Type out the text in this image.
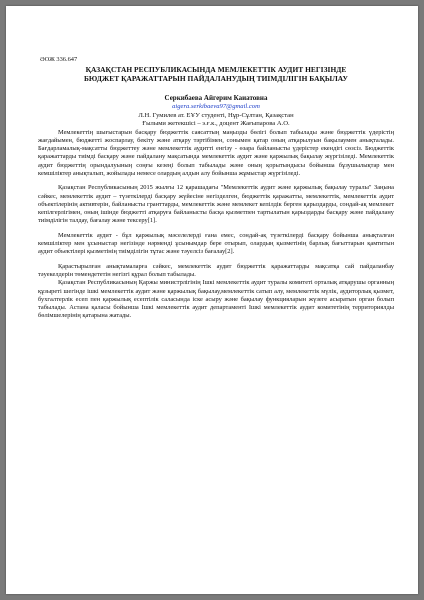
ӘОЖ 336.647
ҚАЗАҚСТАН РЕСПУБЛИКАСЫНДА МЕМЛЕКЕТТІК АУДИТ НЕГІЗІНДЕ
БЮДЖЕТ ҚАРАЖАТТАРЫН ПАЙДАЛАНУДЫҢ ТИІМДІЛІГІН БАҚЫЛАУ
Серкибаева Айгерим Каиатовна
aigera.serkibaeva97@gmail.com
Л.Н. Гумилев ат. ЕҰУ студенті, Нұр-Сұлтан, Қазақстан
Ғылыми жетекшісі – э.ғ.к., доцент Жағыпарова А.О.

Мемлекеттің шығыстарын басқару бюджеттік саясаттың маңызды бөлігі болып табылады және бюджеттік үдерістің жағдайымен, бюджетті жоспарлау, бекіту және атқару тәртібімен, сонымен қатар оның атқарылуын бақылаумен анықталады. Бағдарламалық-мақсатты бюджеттеу және мемлекеттік аудитті енгізу - өзара байланысты үдерістер екендігі сөзсіз. Бюджеттік қаражаттарды тиімді басқару және пайдалану мақсатында мемлекеттік аудит және қаржылық бақылау жүргізіледі. Мемлекеттік аудит бюджеттің орындалуының соңғы кезеңі болып табылады және оның қорытындысы бойынша бұзушылықтар мен кемшіліктер анықталып, жойылады немесе олардың алдын алу бойынша жұмыстар жүргізіледі.

Қазақстан Республикасының 2015 жылғы 12 қарашадағы "Мемлекеттік аудит және қаржылық бақылау туралы" Заңына сәйкес, мемлекеттік аудит – түзеткілерді басқару жүйесіне негізделген, бюджеттік қаражатты, мемлекеттік, мемлекеттік аудит объектілерінің активтерін, байланысты гранттарды, мемлекеттік және мемлекет кепілдік берген қарыздарды, сондай-ақ мемлекет кепілгерлігімен, оның ішінде бюджетті атқаруға байланысты басқа қызметпен тартылатын қарыздарды басқару және пайдалану тиімділігін талдау, бағалау және тексеру[1].

Мемлекеттік аудит - бұл қаржылық мәселелерді ғана емес, сондай-ақ түзеткілерді басқару бойынша анықталған кемшіліктер мен ұсыныстар негізінде нәрменді ұсынымдар бере отырып, олардың қызметінің барлық бағыттарын қамтитын аудит объектілері қызметінің тиімділігін тұтас және тәуелсіз бағалау[2].

Қарастырылған анықтамаларға сәйкес, мемлекеттік аудит бюджеттік қаражаттарды мақсатқа сай пайдаланбау тәуекелдерін төмендететін негізгі құрал болып табылады.

Қазақстан Республикасының Қаржы министрлігінің Ішкі мемлекеттік аудит туралы комитеті орталық атқарушы органның құзыреті шегінде ішкі мемлекеттік аудит және қаржылық бақылау,мемлекеттік сатып алу, мемлекеттік мүлік, аудиторлық қызмет, бухгалтерлік есеп пен қаржылық есептілік саласында іске асыру және бақылау функцияларын жүзеге асыратын орган болып табылады. Астана қаласы бойынша Ішкі мемлекеттік аудит департаменті Ішкі мемлекеттік аудит комитетінің территориялды бөлімшелерінің қатарына жатады.
